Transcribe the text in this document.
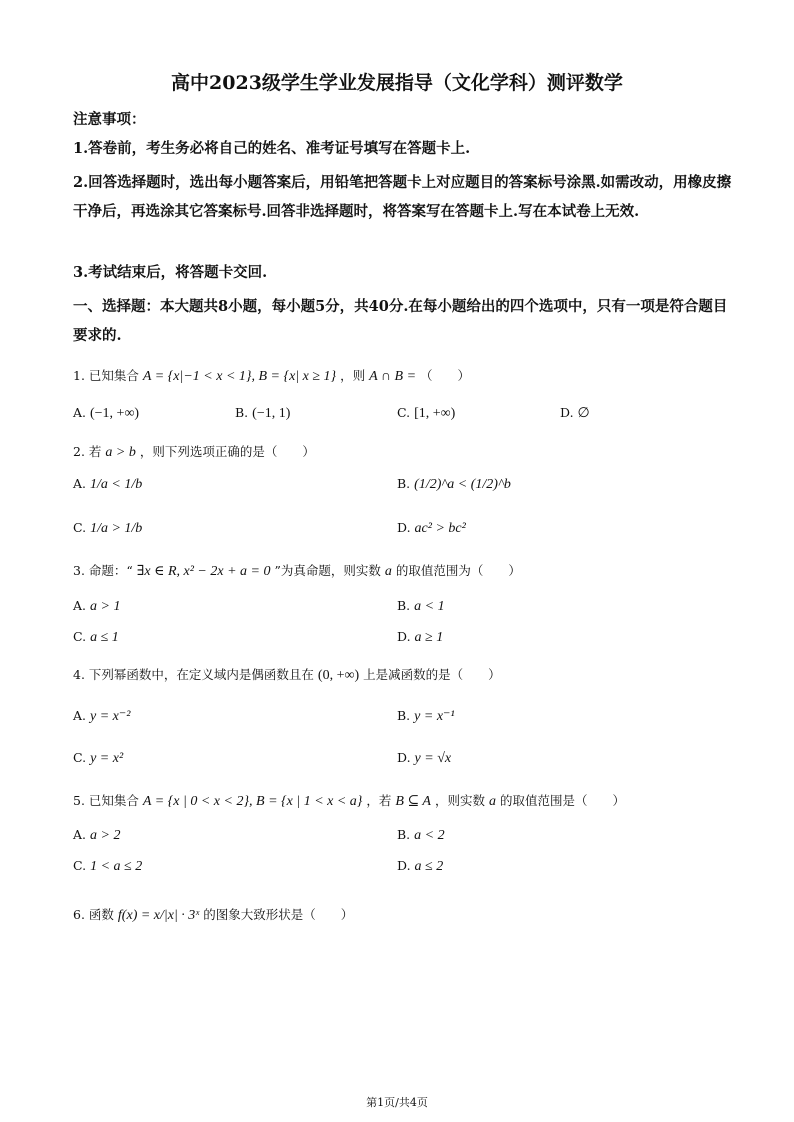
高中2023级学生学业发展指导（文化学科）测评数学
注意事项：
1.答卷前，考生务必将自己的姓名、准考证号填写在答题卡上.
2.回答选择题时，选出每小题答案后，用铅笔把答题卡上对应题目的答案标号涂黑.如需改动，用橡皮擦干净后，再选涂其它答案标号.回答非选择题时，将答案写在答题卡上.写在本试卷上无效.
3.考试结束后，将答题卡交回.
一、选择题：本大题共8小题，每小题5分，共40分.在每小题给出的四个选项中，只有一项是符合题目要求的.
1. 已知集合 A = {x|−1 < x < 1}, B = {x| x ≥ 1} ，则 A ∩ B = （　　）
A. (−1, +∞)	B. (−1, 1)	C. [1, +∞)	D. ∅
2. 若 a > b ，则下列选项正确的是（　　）
A. 1/a < 1/b	B. (1/2)^a < (1/2)^b
C. 1/a > 1/b	D. ac² > bc²
3. 命题：“ ∃x ∈ R, x² − 2x + a = 0 ”为真命题，则实数 a 的取值范围为（　　）
A. a > 1	B. a < 1
C. a ≤ 1	D. a ≥ 1
4. 下列幂函数中，在定义域内是偶函数且在 (0, +∞) 上是减函数的是（　　）
A. y = x⁻²	B. y = x⁻¹
C. y = x²	D. y = √x
5. 已知集合 A = {x | 0 < x < 2}, B = {x | 1 < x < a} ，若 B ⊆ A ，则实数 a 的取值范围是（　　）
A. a > 2	B. a < 2
C. 1 < a ≤ 2	D. a ≤ 2
6. 函数 f(x) = x/|x| · 3ˣ 的图象大致形状是（　　）
第1页/共4页
